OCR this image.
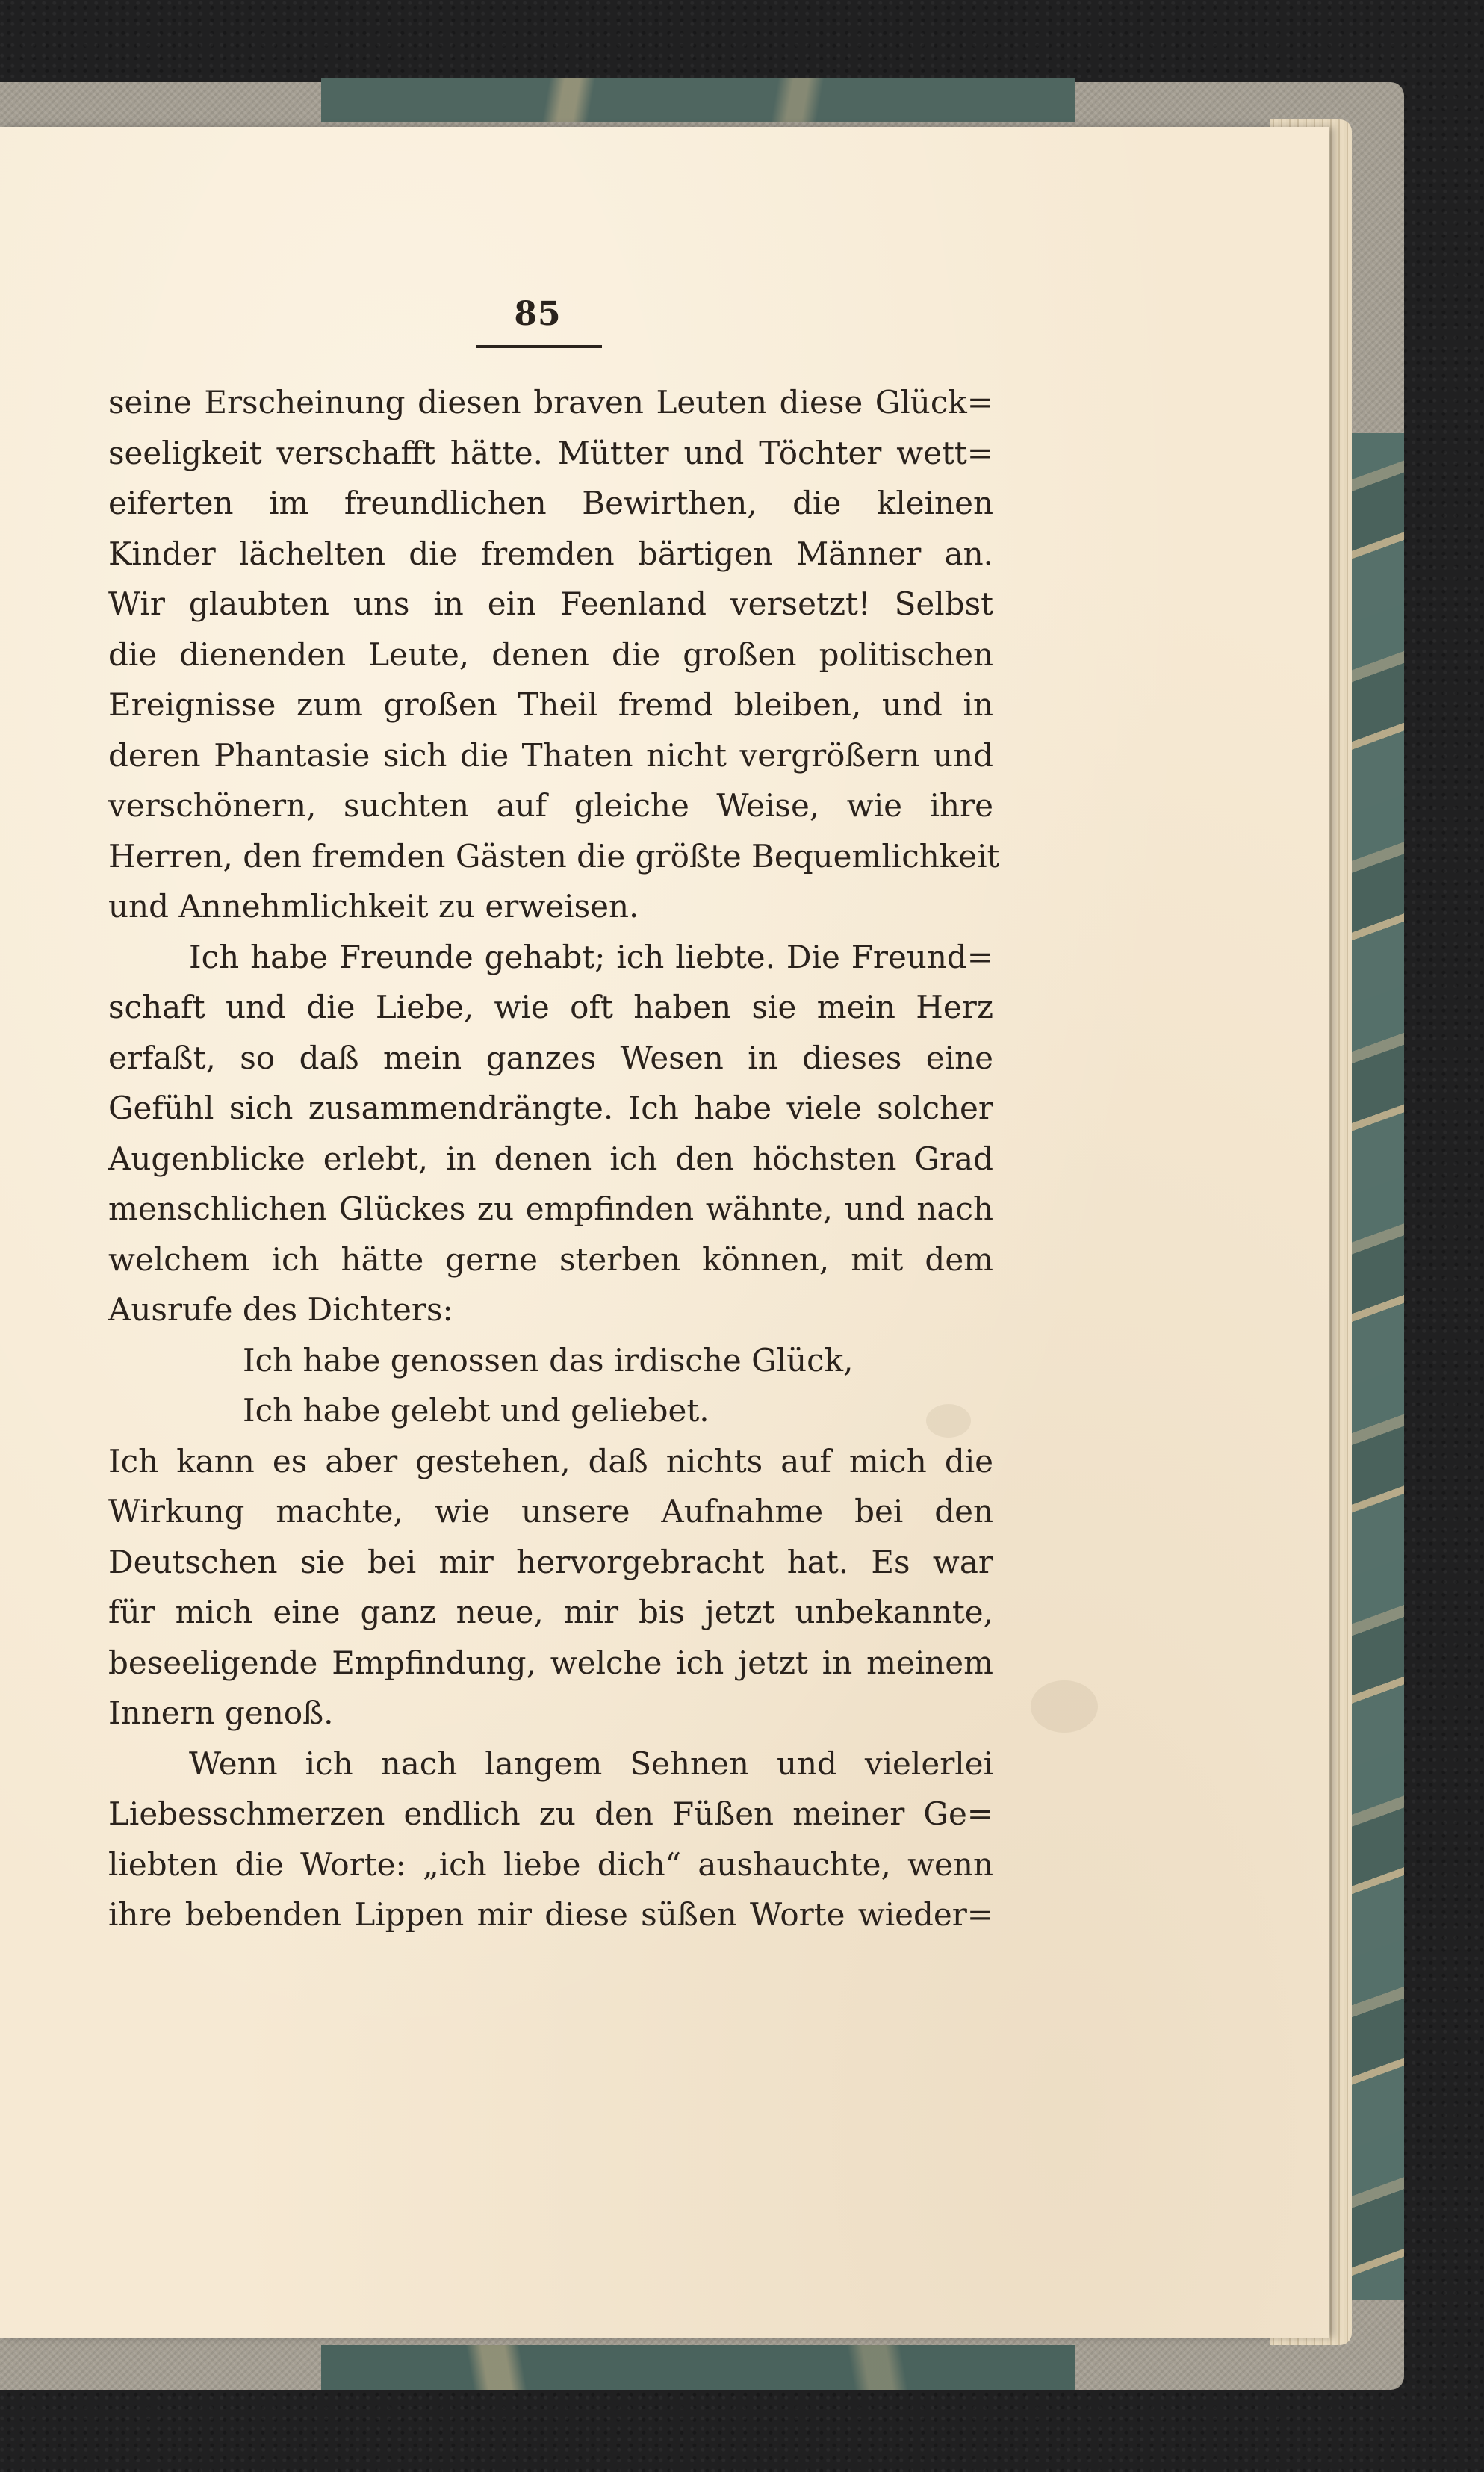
85
seine Erscheinung diesen braven Leuten diese Glück=
seeligkeit verschafft hätte. Mütter und Töchter wett=
eiferten im freundlichen Bewirthen, die kleinen
Kinder lächelten die fremden bärtigen Männer an.
Wir glaubten uns in ein Feenland versetzt! Selbst
die dienenden Leute, denen die großen politischen
Ereignisse zum großen Theil fremd bleiben, und in
deren Phantasie sich die Thaten nicht vergrößern und
verschönern, suchten auf gleiche Weise, wie ihre
Herren, den fremden Gästen die größte Bequemlichkeit
und Annehmlichkeit zu erweisen.
Ich habe Freunde gehabt; ich liebte. Die Freund=
schaft und die Liebe, wie oft haben sie mein Herz
erfaßt, so daß mein ganzes Wesen in dieses eine
Gefühl sich zusammendrängte. Ich habe viele solcher
Augenblicke erlebt, in denen ich den höchsten Grad
menschlichen Glückes zu empfinden wähnte, und nach
welchem ich hätte gerne sterben können, mit dem
Ausrufe des Dichters:
Ich habe genossen das irdische Glück,
Ich habe gelebt und geliebet.
Ich kann es aber gestehen, daß nichts auf mich die
Wirkung machte, wie unsere Aufnahme bei den
Deutschen sie bei mir hervorgebracht hat. Es war
für mich eine ganz neue, mir bis jetzt unbekannte,
beseeligende Empfindung, welche ich jetzt in meinem
Innern genoß.
Wenn ich nach langem Sehnen und vielerlei
Liebesschmerzen endlich zu den Füßen meiner Ge=
liebten die Worte: „ich liebe dich“ aushauchte, wenn
ihre bebenden Lippen mir diese süßen Worte wieder=
